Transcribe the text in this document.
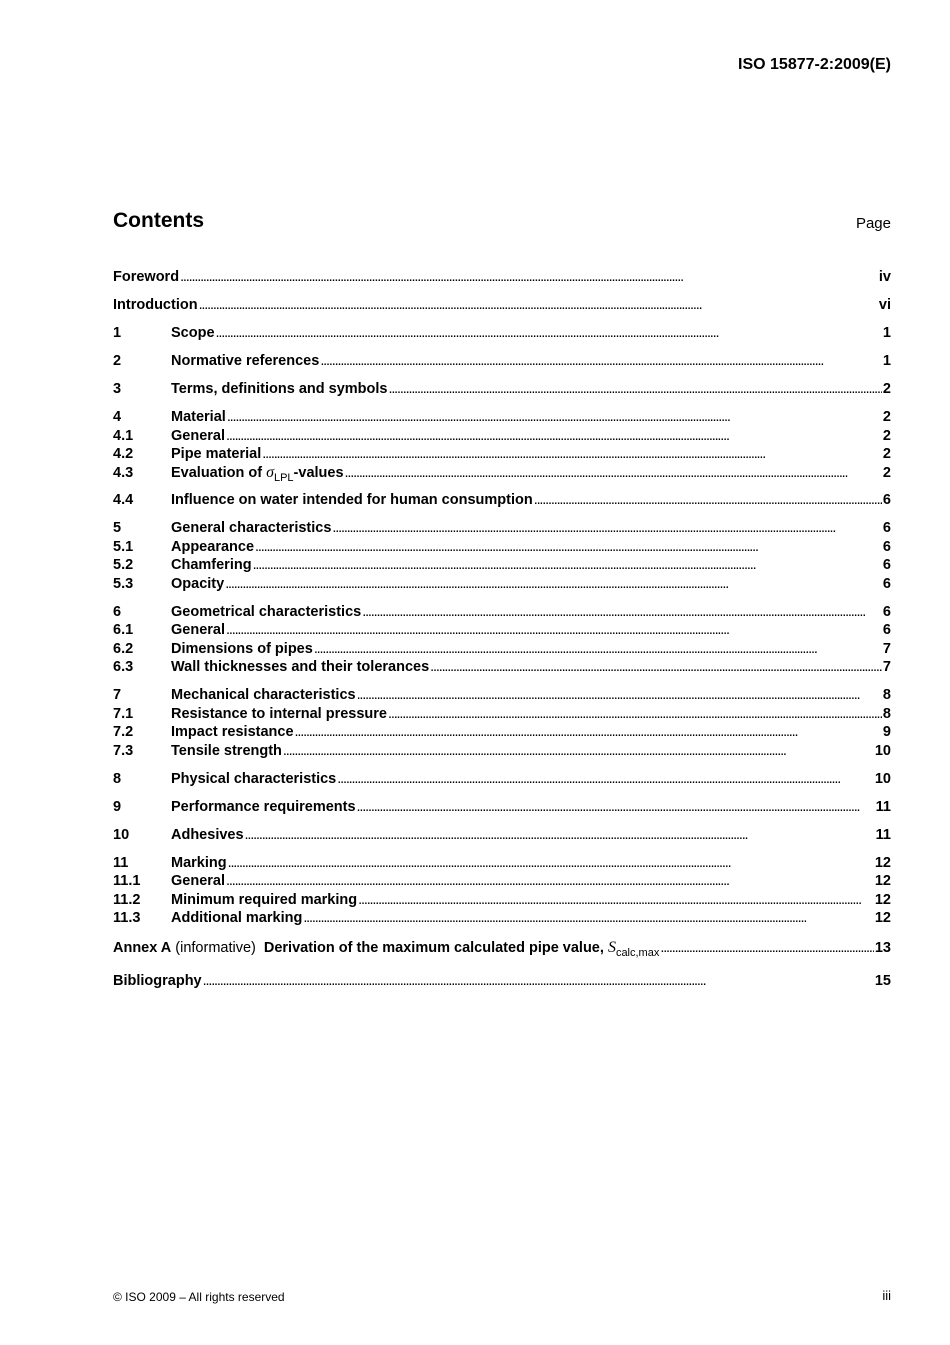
ISO 15877-2:2009(E)
Contents	Page
Foreword . . .	iv
Introduction . . .	vi
1	Scope . . .	1
2	Normative references . . .	1
3	Terms, definitions and symbols . . .	2
4	Material . . .	2
4.1	General . . .	2
4.2	Pipe material . . .	2
4.3	Evaluation of $\sigma_{LPL}$-values . . .	2
4.4	Influence on water intended for human consumption . . .	6
5	General characteristics . . .	6
5.1	Appearance . . .	6
5.2	Chamfering . . .	6
5.3	Opacity . . .	6
6	Geometrical characteristics . . .	6
6.1	General . . .	6
6.2	Dimensions of pipes . . .	7
6.3	Wall thicknesses and their tolerances . . .	7
7	Mechanical characteristics . . .	8
7.1	Resistance to internal pressure . . .	8
7.2	Impact resistance . . .	9
7.3	Tensile strength . . .	10
8	Physical characteristics . . .	10
9	Performance requirements . . .	11
10	Adhesives . . .	11
11	Marking . . .	12
11.1	General . . .	12
11.2	Minimum required marking . . .	12
11.3	Additional marking . . .	12
Annex A (informative) Derivation of the maximum calculated pipe value, $S_{calc,max}$ . . .	13
Bibliography . . .	15
© ISO 2009 – All rights reserved	iii
